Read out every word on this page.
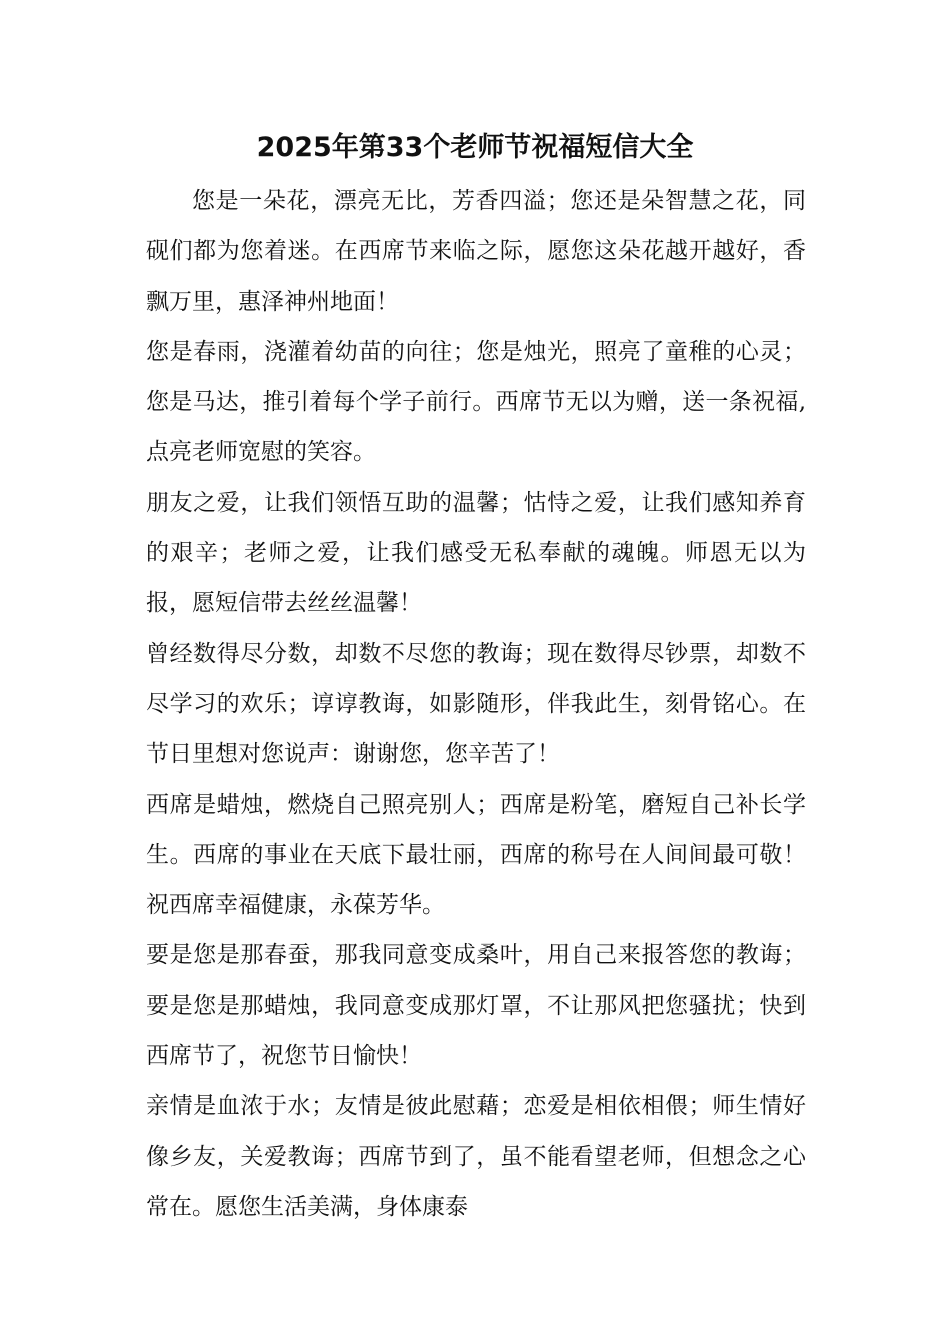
2025年第33个老师节祝福短信大全

您是一朵花，漂亮无比，芳香四溢；您还是朵智慧之花，同砚们都为您着迷。在西席节来临之际，愿您这朵花越开越好，香飘万里，惠泽神州地面！

您是春雨，浇灌着幼苗的向往；您是烛光，照亮了童稚的心灵；您是马达，推引着每个学子前行。西席节无以为赠，送一条祝福,点亮老师宽慰的笑容。

朋友之爱，让我们领悟互助的温馨；怙恃之爱，让我们感知养育的艰辛；老师之爱，让我们感受无私奉献的魂魄。师恩无以为报，愿短信带去丝丝温馨！

曾经数得尽分数，却数不尽您的教诲；现在数得尽钞票，却数不尽学习的欢乐；谆谆教诲，如影随形，伴我此生，刻骨铭心。在节日里想对您说声：谢谢您，您辛苦了！

西席是蜡烛，燃烧自己照亮别人；西席是粉笔，磨短自己补长学生。西席的事业在天底下最壮丽，西席的称号在人间间最可敬！祝西席幸福健康，永葆芳华。

要是您是那春蚕，那我同意变成桑叶，用自己来报答您的教诲；要是您是那蜡烛，我同意变成那灯罩，不让那风把您骚扰；快到西席节了，祝您节日愉快！

亲情是血浓于水；友情是彼此慰藉；恋爱是相依相偎；师生情好像乡友，关爱教诲；西席节到了，虽不能看望老师，但想念之心常在。愿您生活美满，身体康泰
